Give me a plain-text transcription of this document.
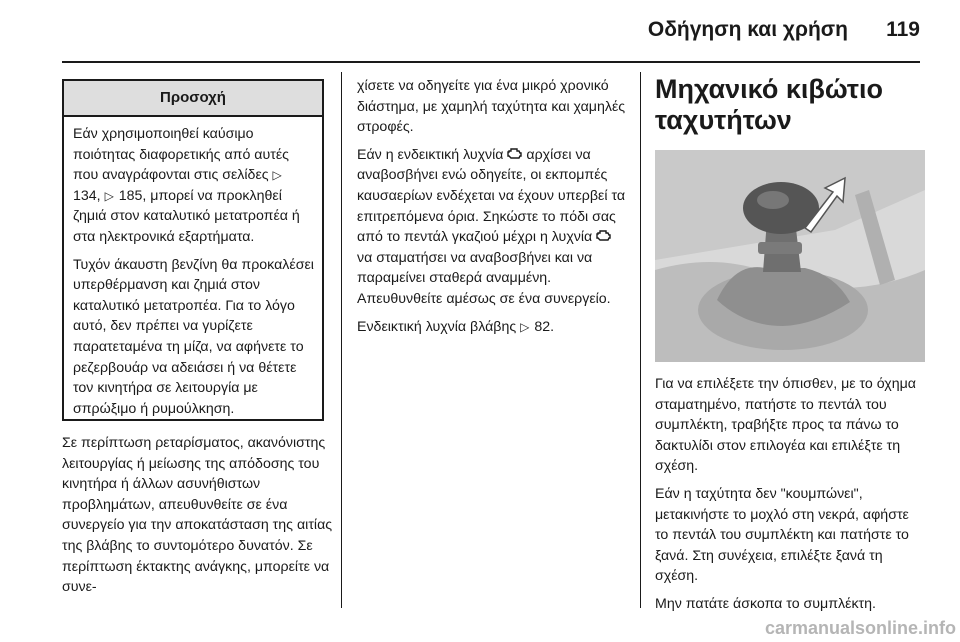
Οδήγηση και χρήση 119
Προσοχή

Εάν χρησιμοποιηθεί καύσιμο ποιότητας διαφορετικής από αυτές που αναγράφονται στις σελίδες ▷ 134, ▷ 185, μπορεί να προκληθεί ζημιά στον καταλυτικό μετατροπέα ή στα ηλεκτρονικά εξαρτήματα.

Τυχόν άκαυστη βενζίνη θα προκαλέσει υπερθέρμανση και ζημιά στον καταλυτικό μετατροπέα. Για το λόγο αυτό, δεν πρέπει να γυρίζετε παρατεταμένα τη μίζα, να αφήνετε το ρεζερβουάρ να αδειάσει ή να θέτετε τον κινητήρα σε λειτουργία με σπρώξιμο ή ρυμούλκηση.

Σε περίπτωση ρεταρίσματος, ακανόνιστης λειτουργίας ή μείωσης της απόδοσης του κινητήρα ή άλλων ασυνήθιστων προβλημάτων, απευθυνθείτε σε ένα συνεργείο για την αποκατάσταση της αιτίας της βλάβης το συντομότερο δυνατόν. Σε περίπτωση έκτακτης ανάγκης, μπορείτε να συνε-

χίσετε να οδηγείτε για ένα μικρό χρονικό διάστημα, με χαμηλή ταχύτητα και χαμηλές στροφές.

Εάν η ενδεικτική λυχνία  αρχίσει να αναβοσβήνει ενώ οδηγείτε, οι εκπομπές καυσαερίων ενδέχεται να έχουν υπερβεί τα επιτρεπόμενα όρια. Σηκώστε το πόδι σας από το πεντάλ γκαζιού μέχρι η λυχνία  να σταματήσει να αναβοσβήνει και να παραμείνει σταθερά αναμμένη. Απευθυνθείτε αμέσως σε ένα συνεργείο.

Ενδεικτική λυχνία βλάβης ▷ 82.

Μηχανικό κιβώτιο ταχυτήτων

Για να επιλέξετε την όπισθεν, με το όχημα σταματημένο, πατήστε το πεντάλ του συμπλέκτη, τραβήξτε προς τα πάνω το δακτυλίδι στον επιλογέα και επιλέξτε τη σχέση.

Εάν η ταχύτητα δεν "κουμπώνει", μετακινήστε το μοχλό στη νεκρά, αφήστε το πεντάλ του συμπλέκτη και πατήστε το ξανά. Στη συνέχεια, επιλέξτε ξανά τη σχέση.

Μην πατάτε άσκοπα το συμπλέκτη.

carmanualsonline.info
